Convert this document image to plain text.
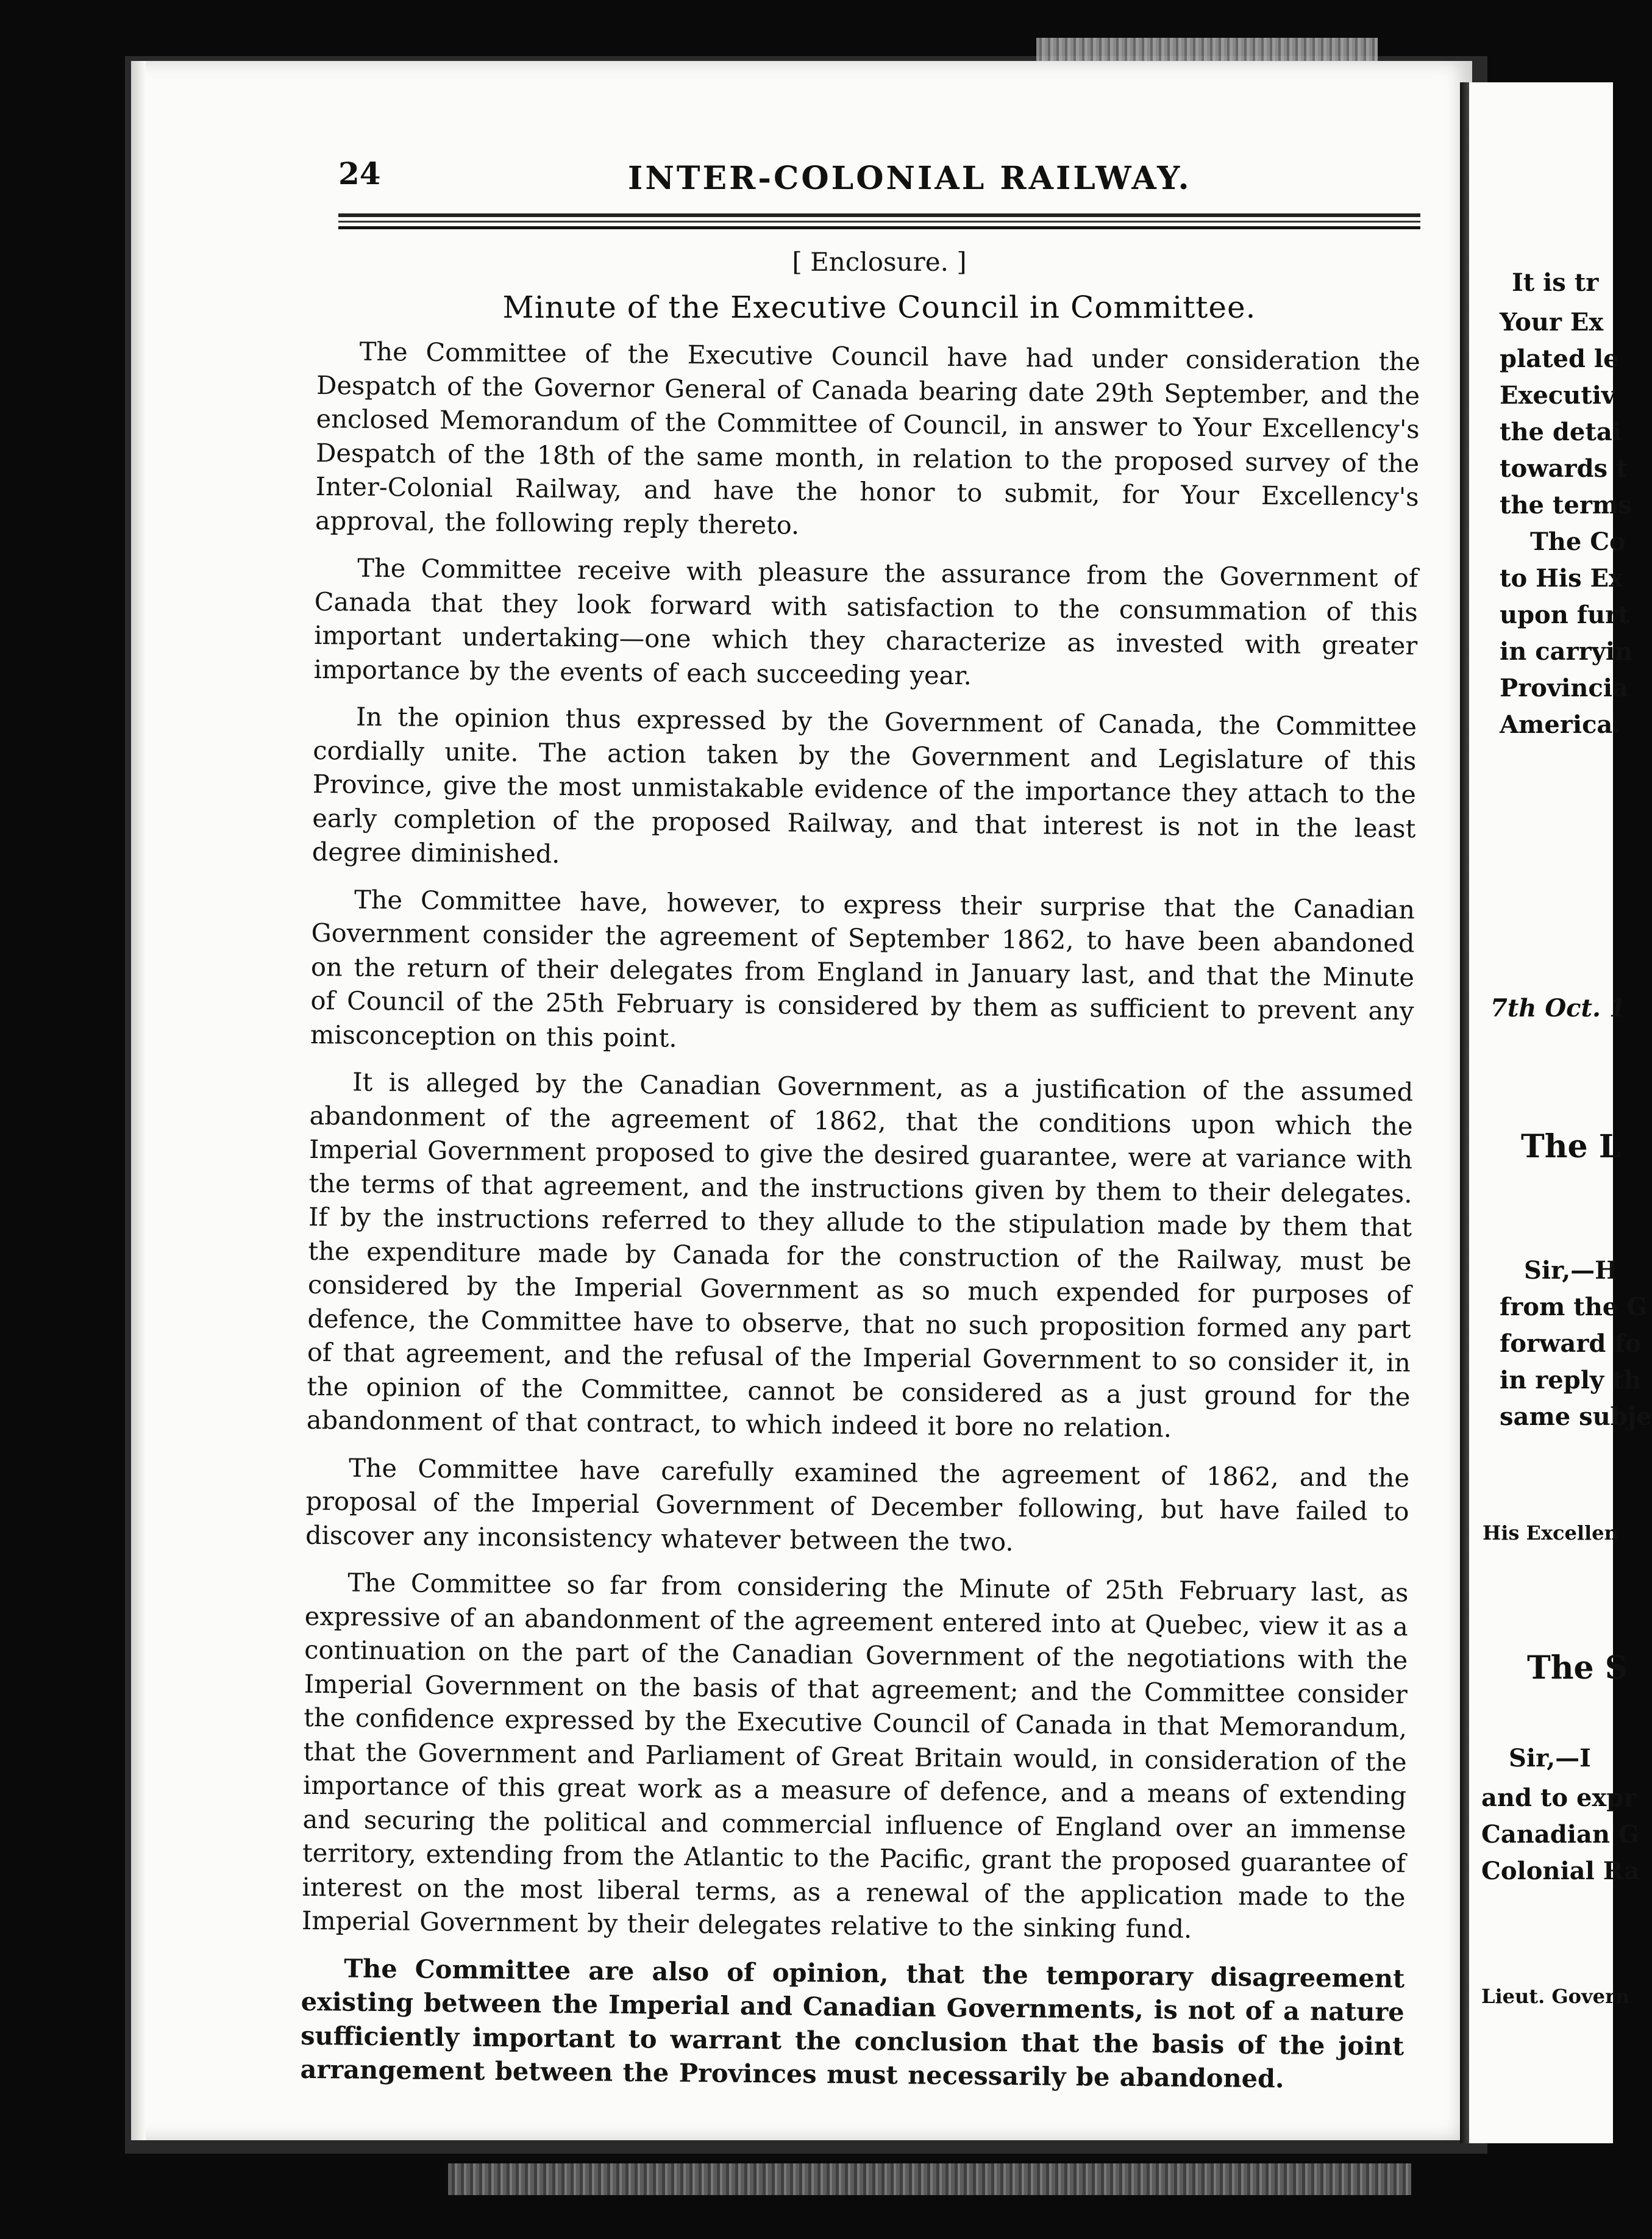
24	INTER-COLONIAL RAILWAY.
[ Enclosure. ]
Minute of the Executive Council in Committee.

The Committee of the Executive Council have had under consideration the Despatch of the Governor General of Canada bearing date 29th September, and the enclosed Memorandum of the Committee of Council, in answer to Your Excellency's Despatch of the 18th of the same month, in relation to the proposed survey of the Inter-Colonial Railway, and have the honor to submit, for Your Excellency's approval, the following reply thereto.

The Committee receive with pleasure the assurance from the Government of Canada that they look forward with satisfaction to the consummation of this important undertaking—one which they characterize as invested with greater importance by the events of each succeeding year.

In the opinion thus expressed by the Government of Canada, the Committee cordially unite. The action taken by the Government and Legislature of this Province, give the most unmistakable evidence of the importance they attach to the early completion of the proposed Railway, and that interest is not in the least degree diminished.

The Committee have, however, to express their surprise that the Canadian Government consider the agreement of September 1862, to have been abandoned on the return of their delegates from England in January last, and that the Minute of Council of the 25th February is considered by them as sufficient to prevent any misconception on this point.

It is alleged by the Canadian Government, as a justification of the assumed abandonment of the agreement of 1862, that the conditions upon which the Imperial Government proposed to give the desired guarantee, were at variance with the terms of that agreement, and the instructions given by them to their delegates. If by the instructions referred to they allude to the stipulation made by them that the expenditure made by Canada for the construction of the Railway, must be considered by the Imperial Government as so much expended for purposes of defence, the Committee have to observe, that no such proposition formed any part of that agreement, and the refusal of the Imperial Government to so consider it, in the opinion of the Committee, cannot be considered as a just ground for the abandonment of that contract, to which indeed it bore no relation.

The Committee have carefully examined the agreement of 1862, and the proposal of the Imperial Government of December following, but have failed to discover any inconsistency whatever between the two.

The Committee so far from considering the Minute of 25th February last, as expressive of an abandonment of the agreement entered into at Quebec, view it as a continuation on the part of the Canadian Government of the negotiations with the Imperial Government on the basis of that agreement; and the Committee consider the confidence expressed by the Executive Council of Canada in that Memorandum, that the Government and Parliament of Great Britain would, in consideration of the importance of this great work as a measure of defence, and a means of extending and securing the political and commercial influence of England over an immense territory, extending from the Atlantic to the Pacific, grant the proposed guarantee of interest on the most liberal terms, as a renewal of the application made to the Imperial Government by their delegates relative to the sinking fund.

The Committee are also of opinion, that the temporary disagreement existing between the Imperial and Canadian Governments, is not of a nature sufficiently important to warrant the conclusion that the basis of the joint arrangement between the Provinces must necessarily be abandoned.

It is tr
Your Ex
plated le
Executiv
the detai
towards t
the terms
The Co
to His Ex
upon furt
in carryin
Provincia
America.
7th Oct. 1
The L
Sir,—H
from the G
forward fo
in reply th
same subje
His Excellen
The S
Sir,—I
and to expr
Canadian G
Colonial Ra
Lieut. Govern
